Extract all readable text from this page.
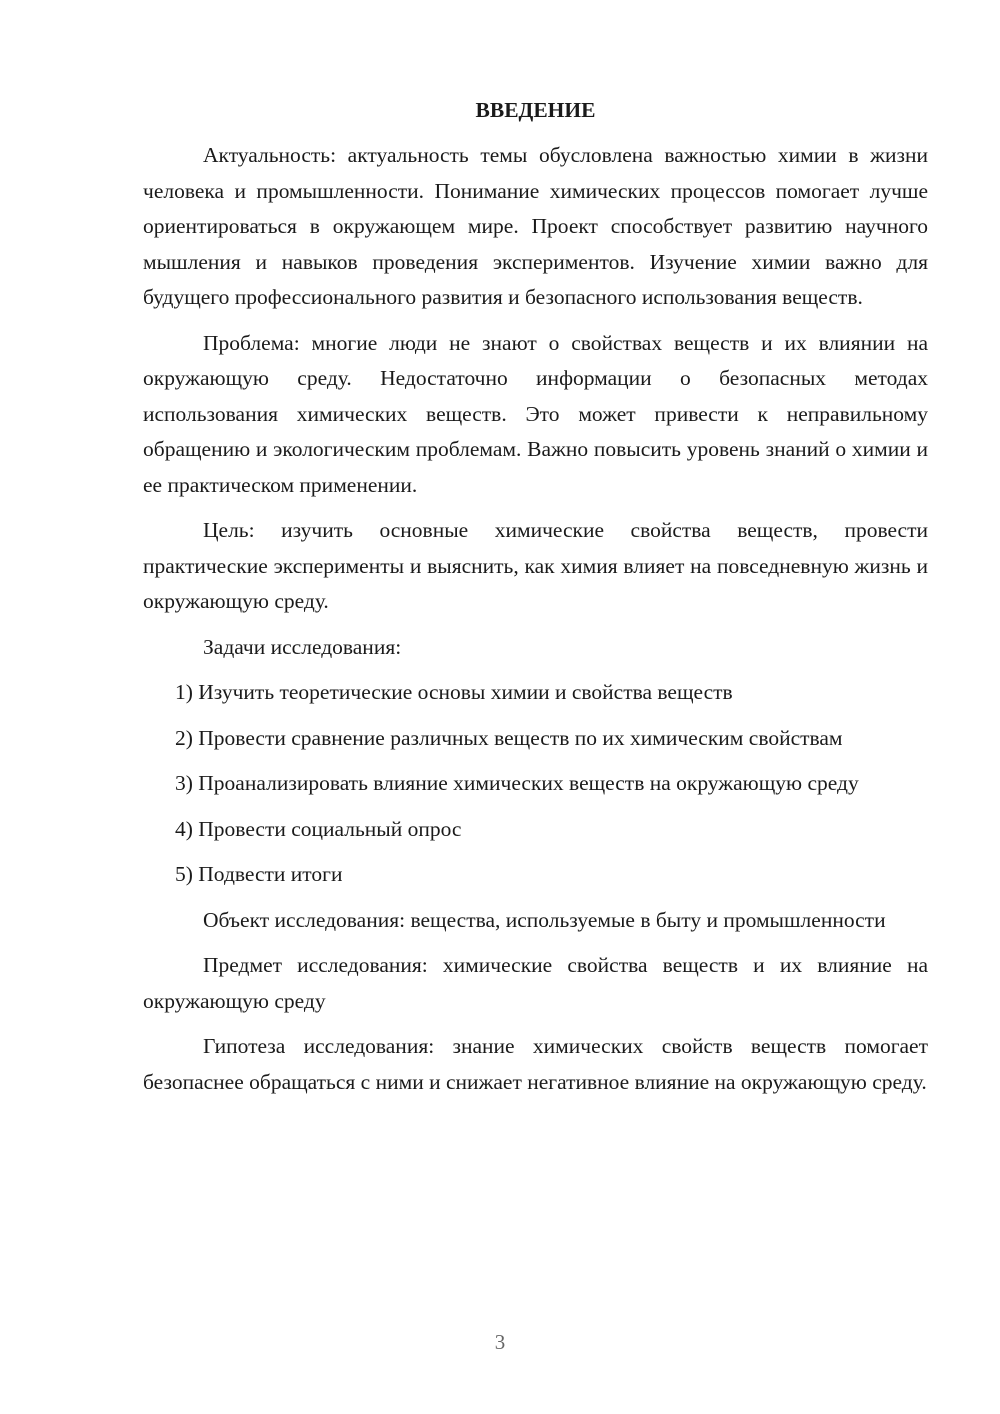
ВВЕДЕНИЕ

Актуальность: актуальность темы обусловлена важностью химии в жизни человека и промышленности. Понимание химических процессов помогает лучше ориентироваться в окружающем мире. Проект способствует развитию научного мышления и навыков проведения экспериментов. Изучение химии важно для будущего профессионального развития и безопасного использования веществ.

Проблема: многие люди не знают о свойствах веществ и их влиянии на окружающую среду. Недостаточно информации о безопасных методах использования химических веществ. Это может привести к неправильному обращению и экологическим проблемам. Важно повысить уровень знаний о химии и ее практическом применении.

Цель: изучить основные химические свойства веществ, провести практические эксперименты и выяснить, как химия влияет на повседневную жизнь и окружающую среду.

Задачи исследования:

1) Изучить теоретические основы химии и свойства веществ

2) Провести сравнение различных веществ по их химическим свойствам

3) Проанализировать влияние химических веществ на окружающую среду

4) Провести социальный опрос

5) Подвести итоги

Объект исследования: вещества, используемые в быту и промышленности

Предмет исследования: химические свойства веществ и их влияние на окружающую среду

Гипотеза исследования: знание химических свойств веществ помогает безопаснее обращаться с ними и снижает негативное влияние на окружающую среду.

3
